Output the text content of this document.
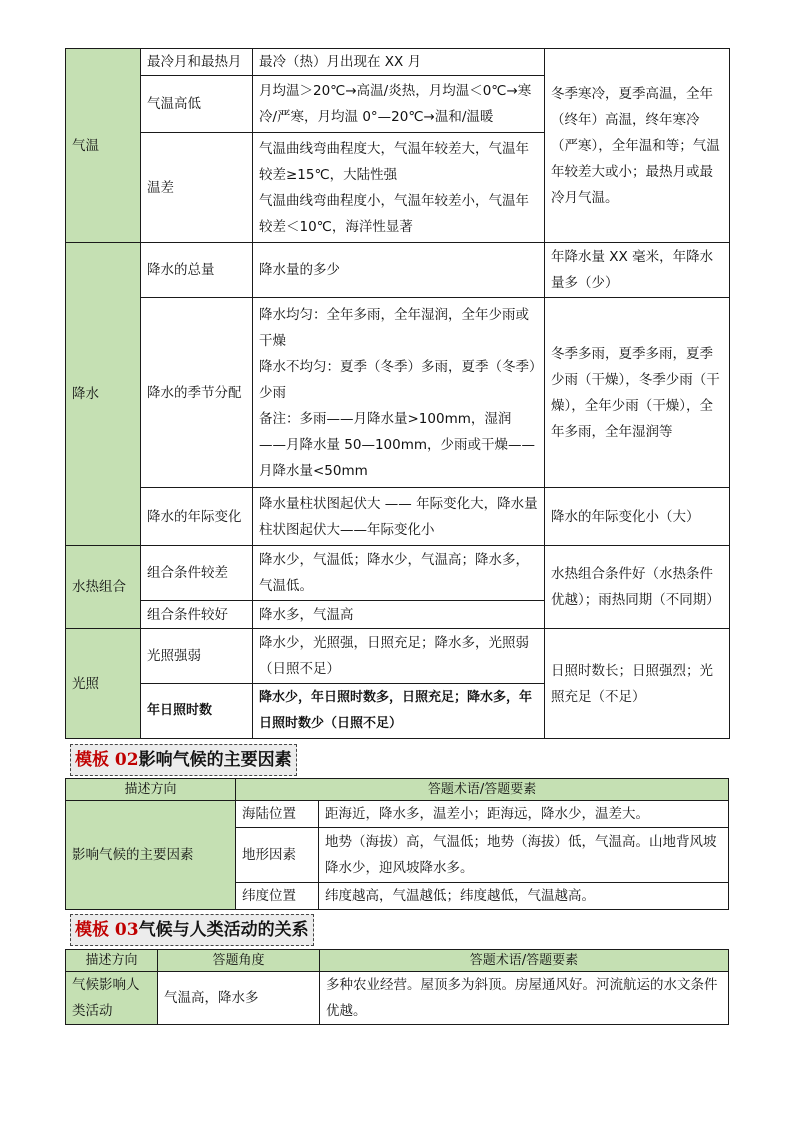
气温	最冷月和最热月	最冷（热）月出现在 XX 月	冬季寒冷，夏季高温，全年（终年）高温，终年寒冷（严寒），全年温和等；气温年较差大或小；最热月或最冷月气温。
	气温高低	月均温＞20℃→高温/炎热，月均温＜0℃→寒冷/严寒，月均温 0°—20℃→温和/温暖	
	温差	气温曲线弯曲程度大，气温年较差大，气温年较差≥15℃，大陆性强
气温曲线弯曲程度小，气温年较差小，气温年较差＜10℃，海洋性显著	

降水	降水的总量	降水量的多少	年降水量 XX 毫米，年降水量多（少）
	降水的季节分配	降水均匀：全年多雨，全年湿润，全年少雨或干燥
降水不均匀：夏季（冬季）多雨，夏季（冬季）少雨
备注：多雨——月降水量>100mm，湿润——月降水量 50—100mm，少雨或干燥——月降水量<50mm	冬季多雨，夏季多雨，夏季少雨（干燥），冬季少雨（干燥），全年少雨（干燥），全年多雨，全年湿润等
	降水的年际变化	降水量柱状图起伏大 —— 年际变化大，降水量柱状图起伏大——年际变化小	降水的年际变化小（大）
水热组合	组合条件较差	降水少，气温低；降水少，气温高；降水多，气温低。	水热组合条件好（水热条件优越）；雨热同期（不同期）
	组合条件较好	降水多，气温高	
光照	光照强弱	降水少，光照强，日照充足；降水多，光照弱（日照不足）	日照时数长；日照强烈；光照充足（不足）
	年日照时数	降水少，年日照时数多，日照充足；降水多，年日照时数少（日照不足）	
模板 02影响气候的主要因素
描述方向	答题术语/答题要素	
影响气候的主要因素	海陆位置	距海近，降水多，温差小；距海远，降水少，温差大。
	地形因素	地势（海拔）高，气温低；地势（海拔）低，气温高。山地背风坡降水少，迎风坡降水多。
	纬度位置	纬度越高，气温越低；纬度越低，气温越高。
模板 03气候与人类活动的关系
描述方向	答题角度	答题术语/答题要素
气候影响人类活动	气温高，降水多	多种农业经营。屋顶多为斜顶。房屋通风好。河流航运的水文条件优越。
